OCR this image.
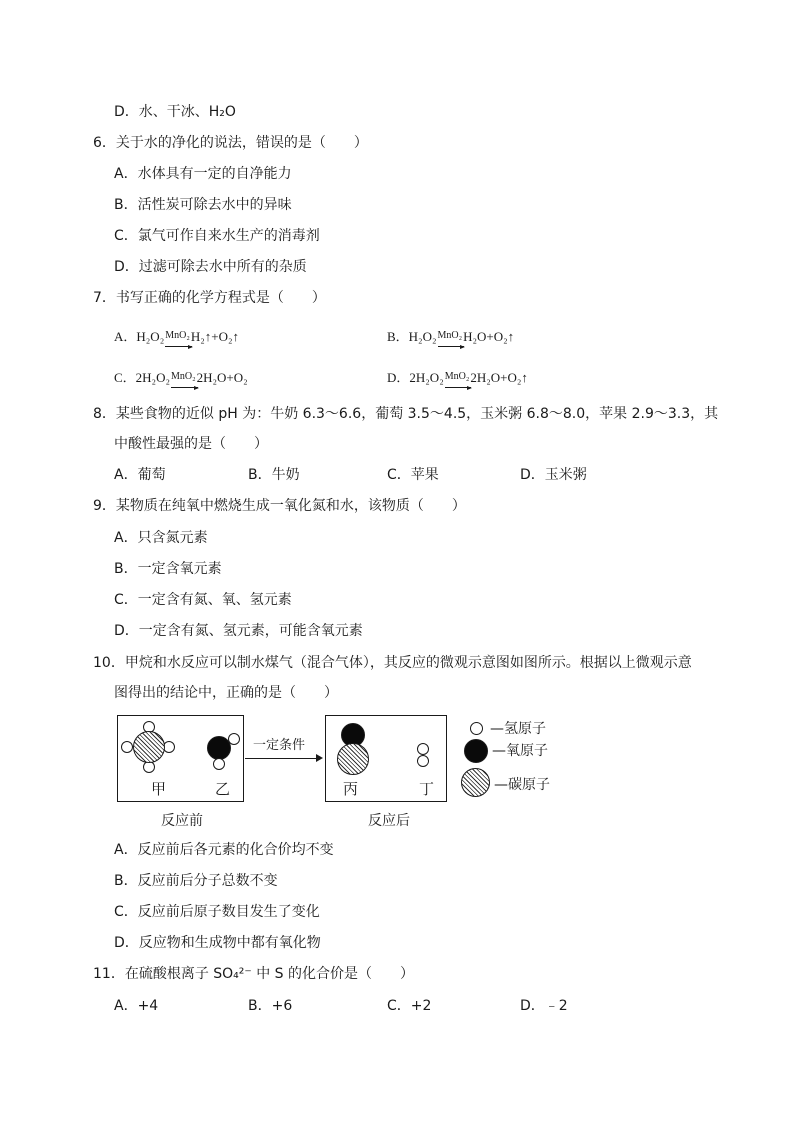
D．水、干冰、H₂O
6．关于水的净化的说法，错误的是（　　）
A．水体具有一定的自净能力
B．活性炭可除去水中的异味
C．氯气可作自来水生产的消毒剂
D．过滤可除去水中所有的杂质
7．书写正确的化学方程式是（　　）
A．H₂O₂MnO₂H₂↑+O₂↑	B．H₂O₂MnO₂H₂O+O₂↑
C．2H₂O₂MnO₂2H₂O+O₂	D．2H₂O₂MnO₂2H₂O+O₂↑
8．某些食物的近似 pH 为：牛奶 6.3～6.6，葡萄 3.5～4.5，玉米粥 6.8～8.0，苹果 2.9～3.3，其
中酸性最强的是（　　）
A．葡萄	B．牛奶	C．苹果	D．玉米粥
9．某物质在纯氧中燃烧生成一氧化氮和水，该物质（　　）
A．只含氮元素
B．一定含氧元素
C．一定含有氮、氧、氢元素
D．一定含有氮、氢元素，可能含氧元素
10．甲烷和水反应可以制水煤气（混合气体），其反应的微观示意图如图所示。根据以上微观示意
图得出的结论中，正确的是（　　）
甲	乙
一定条件
丙	丁
—氢原子
—氧原子
—碳原子
反应前	反应后
A．反应前后各元素的化合价均不变
B．反应前后分子总数不变
C．反应前后原子数目发生了变化
D．反应物和生成物中都有氧化物
11．在硫酸根离子 SO₄²⁻ 中 S 的化合价是（　　）
A．+4	B．+6	C．+2	D．﹣2
